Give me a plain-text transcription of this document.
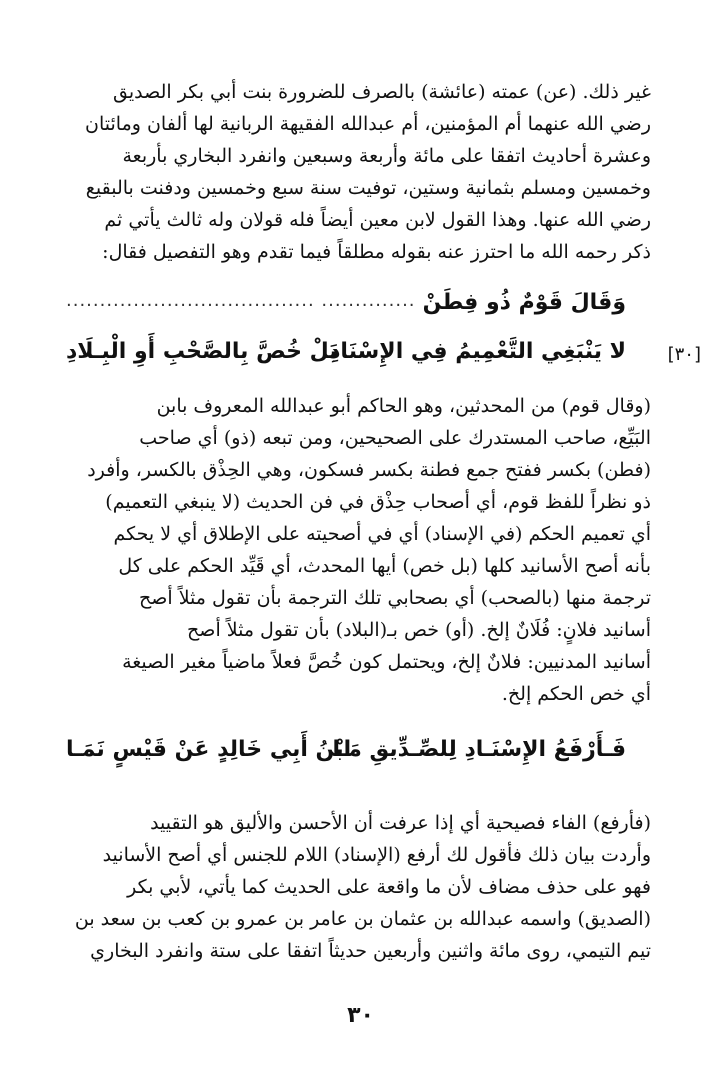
غير ذلك. (عن) عمته (عائشة) بالصرف للضرورة بنت أبي بكر الصديق
رضي الله عنهما أم المؤمنين، أم عبدالله الفقيهة الربانية لها ألفان ومائتان
وعشرة أحاديث اتفقا على مائة وأربعة وسبعين وانفرد البخاري بأربعة
وخمسين ومسلم بثمانية وستين، توفيت سنة سبع وخمسين ودفنت بالبقيع
رضي الله عنها. وهذا القول لابن معين أيضاً فله قولان وله ثالث يأتي ثم
ذكر رحمه الله ما احترز عنه بقوله مطلقاً فيما تقدم وهو التفصيل فقال:

وَقَالَ قَوْمٌ ذُو فِطَنْ
.............. .....................................
[٣٠]
لا يَنْبَغِي التَّعْمِيمُ فِي الإِسْنَادِ
بَلْ خُصَّ بِالصَّحْبِ أَوِ الْبِـلَادِ

(وقال قوم) من المحدثين، وهو الحاكم أبو عبدالله المعروف بابن
البَيِّع، صاحب المستدرك على الصحيحين، ومن تبعه (ذو) أي صاحب
(فطن) بكسر ففتح جمع فطنة بكسر فسكون، وهي الحِذْق بالكسر، وأفرد
ذو نظراً للفظ قوم، أي أصحاب حِذْق في فن الحديث (لا ينبغي التعميم)
أي تعميم الحكم (في الإسناد) أي في أصحيته على الإطلاق أي لا يحكم
بأنه أصح الأسانيد كلها (بل خص) أيها المحدث، أي قَيِّد الحكم على كل
ترجمة منها (بالصحب) أي بصحابي تلك الترجمة بأن تقول مثلاً أصح
أسانيد فلانٍ: فُلَانٌ إلخ. (أو) خص بـ(البلاد) بأن تقول مثلاً أصح
أسانيد المدنيين: فلانٌ إلخ، ويحتمل كون خُصَّ فعلاً ماضياً مغير الصيغة
أي خص الحكم إلخ.

فَـأَرْفَعُ الإِسْنَـادِ لِلصِّـدِّيقِ مَـا
ابْنُ أَبِي خَالِدٍ عَنْ قَيْسٍ نَمَـا

(فأرفع) الفاء فصيحية أي إذا عرفت أن الأحسن والأليق هو التقييد
وأردت بيان ذلك فأقول لك أرفع (الإسناد) اللام للجنس أي أصح الأسانيد
فهو على حذف مضاف لأن ما واقعة على الحديث كما يأتي، لأبي بكر
(الصديق) واسمه عبدالله بن عثمان بن عامر بن عمرو بن كعب بن سعد بن
تيم التيمي، روى مائة واثنين وأربعين حديثاً اتفقا على ستة وانفرد البخاري

٣٠
